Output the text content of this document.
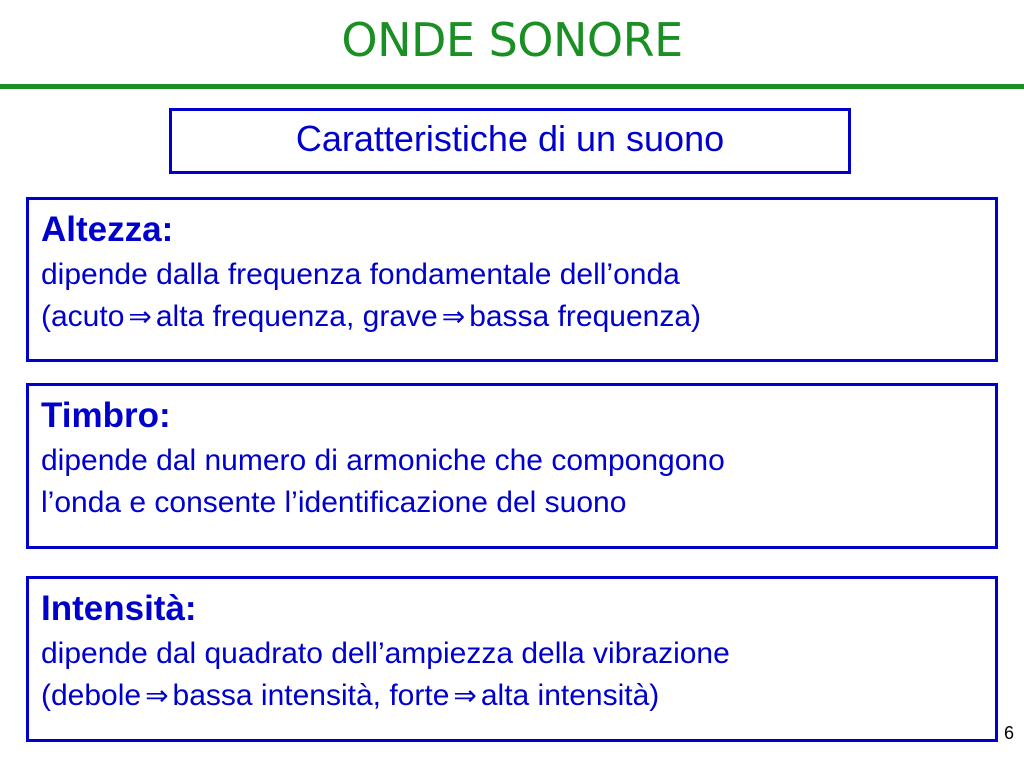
ONDE SONORE
Caratteristiche di un suono
Altezza:
dipende dalla frequenza fondamentale dell’onda
(acuto ⇒ alta frequenza, grave ⇒ bassa frequenza)
Timbro:
dipende dal numero di armoniche che compongono
l’onda e consente l’identificazione del suono
Intensità:
dipende dal quadrato dell’ampiezza della vibrazione
(debole ⇒ bassa intensità, forte ⇒ alta intensità)
6
